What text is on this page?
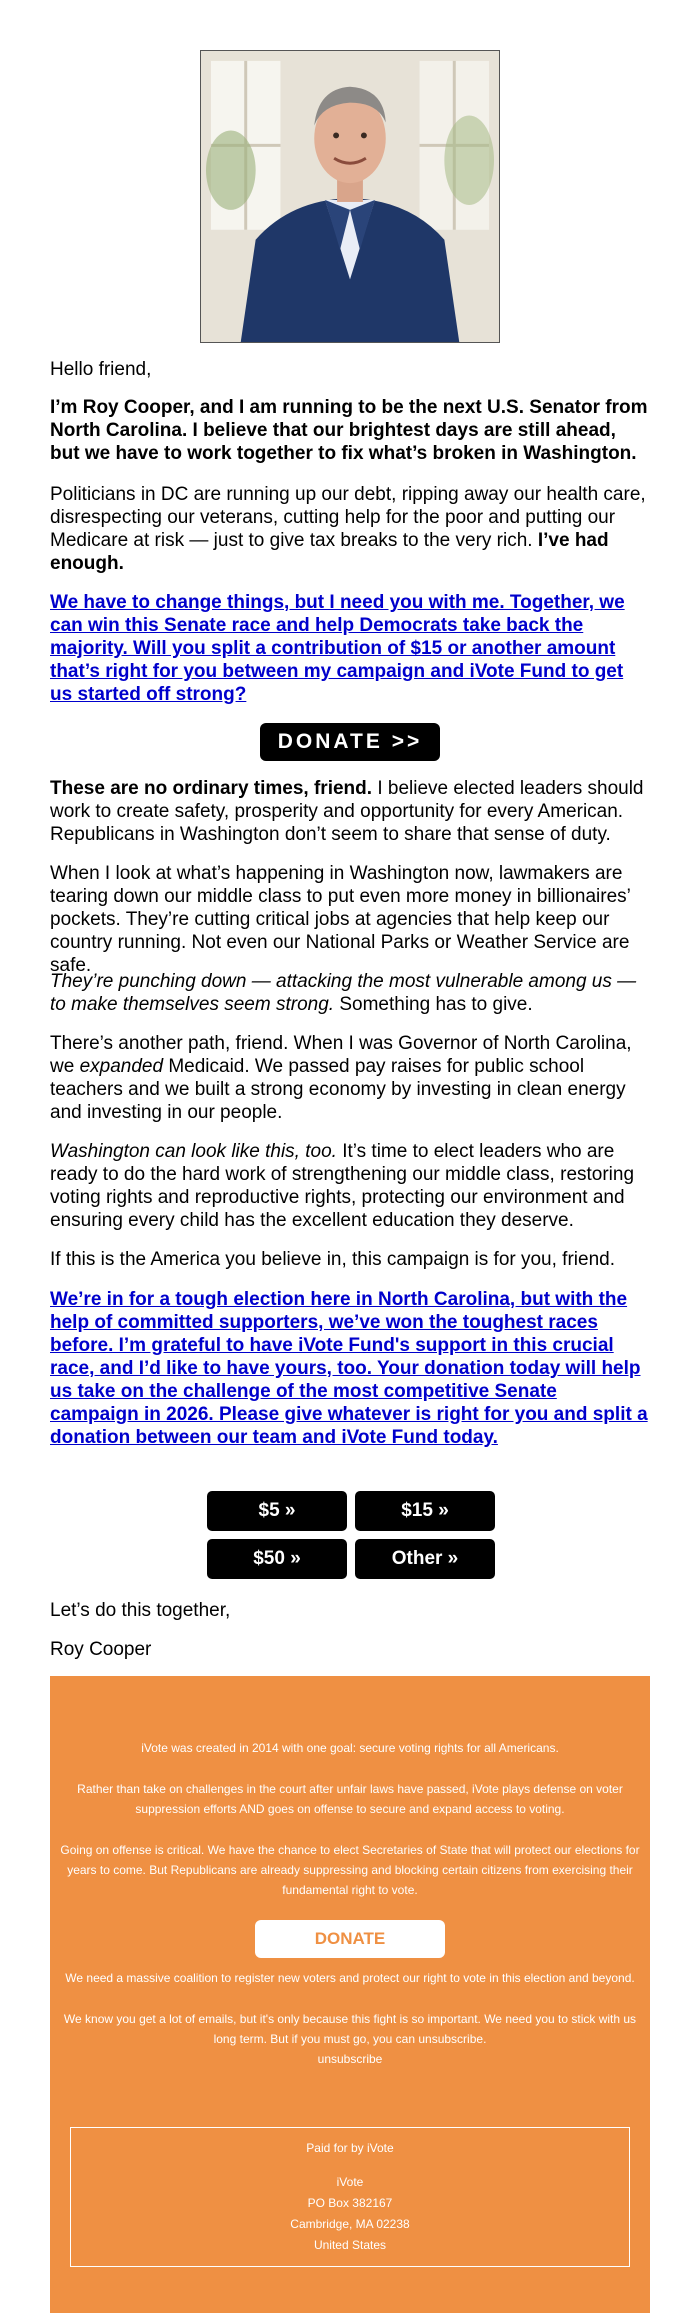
Hello friend,

I’m Roy Cooper, and I am running to be the next U.S. Senator from North Carolina. I believe that our brightest days are still ahead, but we have to work together to fix what’s broken in Washington.

Politicians in DC are running up our debt, ripping away our health care, disrespecting our veterans, cutting help for the poor and putting our Medicare at risk — just to give tax breaks to the very rich. I’ve had enough.

We have to change things, but I need you with me. Together, we can win this Senate race and help Democrats take back the majority. Will you split a contribution of $15 or another amount that’s right for you between my campaign and iVote Fund to get us started off strong?
DONATE >>

These are no ordinary times, friend. I believe elected leaders should work to create safety, prosperity and opportunity for every American. Republicans in Washington don’t seem to share that sense of duty.

When I look at what’s happening in Washington now, lawmakers are tearing down our middle class to put even more money in billionaires’ pockets. They’re cutting critical jobs at agencies that help keep our country running. Not even our National Parks or Weather Service are safe.

They’re punching down — attacking the most vulnerable among us — to make themselves seem strong. Something has to give.

There’s another path, friend. When I was Governor of North Carolina, we expanded Medicaid. We passed pay raises for public school teachers and we built a strong economy by investing in clean energy and investing in our people.

Washington can look like this, too. It’s time to elect leaders who are ready to do the hard work of strengthening our middle class, restoring voting rights and reproductive rights, protecting our environment and ensuring every child has the excellent education they deserve.

If this is the America you believe in, this campaign is for you, friend.

We’re in for a tough election here in North Carolina, but with the help of committed supporters, we’ve won the toughest races before. I’m grateful to have iVote Fund's support in this crucial race, and I’d like to have yours, too. Your donation today will help us take on the challenge of the most competitive Senate campaign in 2026. Please give whatever is right for you and split a donation between our team and iVote Fund today.
$5 »	$15 »
$50 »	Other »

Let’s do this together,

Roy Cooper

iVote was created in 2014 with one goal: secure voting rights for all Americans.

Rather than take on challenges in the court after unfair laws have passed, iVote plays defense on voter suppression efforts AND goes on offense to secure and expand access to voting.

Going on offense is critical. We have the chance to elect Secretaries of State that will protect our elections for years to come. But Republicans are already suppressing and blocking certain citizens from exercising their fundamental right to vote.

DONATE

We need a massive coalition to register new voters and protect our right to vote in this election and beyond.

We know you get a lot of emails, but it's only because this fight is so important. We need you to stick with us long term. But if you must go, you can unsubscribe.

unsubscribe

Paid for by iVote

iVote

PO Box 382167

Cambridge, MA 02238

United States
